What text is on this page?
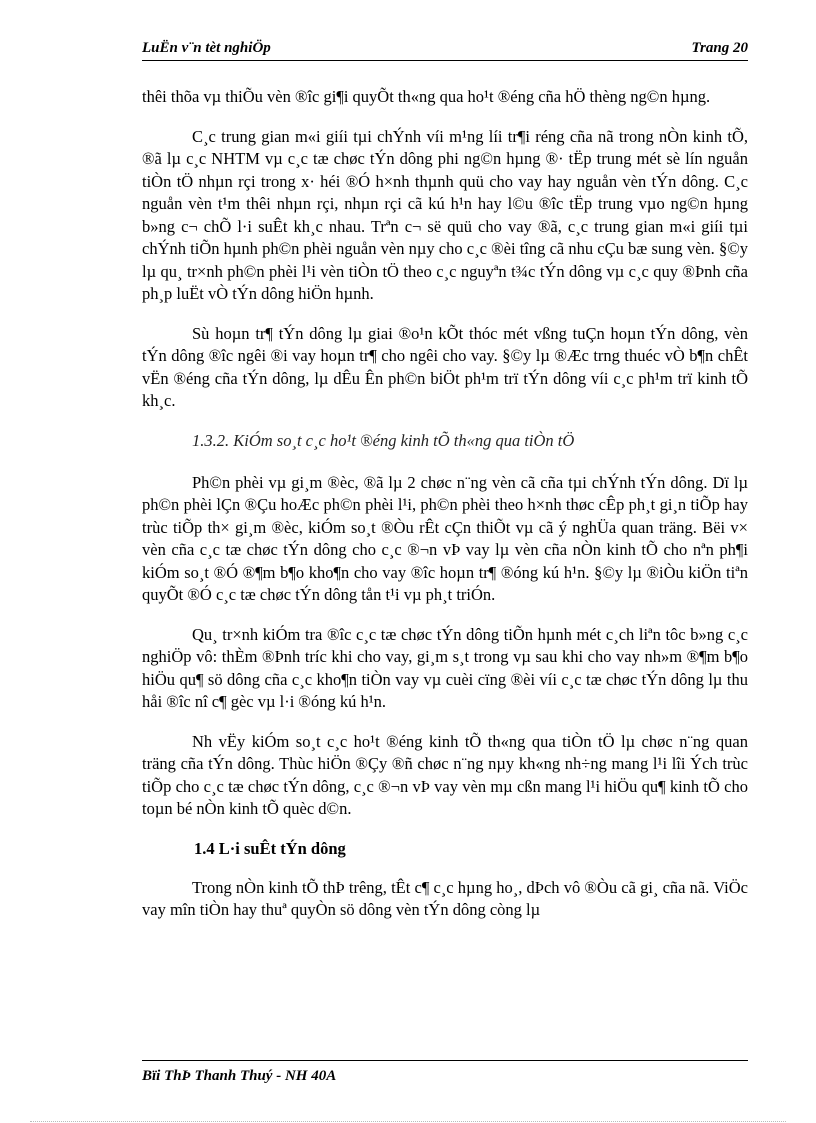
LuËn v¨n tèt nghiÖp	Trang 20

thêi thõa vµ thiÕu vèn ®îc gi¶i quyÕt th«ng qua ho¹t ®éng cña hÖ thèng ng©n hµng.

C¸c trung gian m«i giíi tµi chÝnh víi m¹ng líi tr¶i réng cña nã trong nÒn kinh tÕ, ®ã lµ c¸c NHTM vµ c¸c tæ chøc tÝn dông phi ng©n hµng ®· tËp trung mét sè lín nguån tiÒn tÖ nhµn rçi trong x· héi ®Ó h×nh thµnh quü cho vay hay nguån vèn tÝn dông. C¸c nguån vèn t¹m thêi nhµn rçi, nhµn rçi cã kú h¹n hay l©u ®îc tËp trung vµo ng©n hµng b»ng c¬ chÕ l·i suÊt kh¸c nhau. Trªn c¬ së quü cho vay ®ã, c¸c trung gian m«i giíi tµi chÝnh tiÕn hµnh ph©n phèi nguån vèn nµy cho c¸c ®èi tîng cã nhu cÇu bæ sung vèn. §©y lµ qu¸ tr×nh ph©n phèi l¹i vèn tiÒn tÖ theo c¸c nguyªn t¾c tÝn dông vµ c¸c quy ®Þnh cña ph¸p luËt vÒ tÝn dông hiÖn hµnh.

Sù hoµn tr¶ tÝn dông lµ giai ®o¹n kÕt thóc mét vßng tuÇn hoµn tÝn dông, vèn tÝn dông ®îc ngêi ®i vay hoµn tr¶ cho ngêi cho vay. §©y lµ ®Æc trng thuéc vÒ b¶n chÊt vËn ®éng cña tÝn dông, lµ dÊu Ên ph©n biÖt ph¹m trï tÝn dông víi c¸c ph¹m trï kinh tÕ kh¸c.

1.3.2. KiÓm so¸t c¸c ho¹t ®éng kinh tÕ th«ng qua tiÒn tÖ

Ph©n phèi vµ gi¸m ®èc, ®ã lµ 2 chøc n¨ng vèn cã cña tµi chÝnh tÝn dông. Dï lµ ph©n phèi lÇn ®Çu hoÆc ph©n phèi l¹i, ph©n phèi theo h×nh thøc cÊp ph¸t gi¸n tiÕp hay trùc tiÕp th× gi¸m ®èc, kiÓm so¸t ®Òu rÊt cÇn thiÕt vµ cã ý nghÜa quan träng. Bëi v× vèn cña c¸c tæ chøc tÝn dông cho c¸c ®¬n vÞ vay lµ vèn cña nÒn kinh tÕ cho nªn ph¶i kiÓm so¸t ®Ó ®¶m b¶o kho¶n cho vay ®îc hoµn tr¶ ®óng kú h¹n. §©y lµ ®iÒu kiÖn tiªn quyÕt ®Ó c¸c tæ chøc tÝn dông tån t¹i vµ ph¸t triÓn.

Qu¸ tr×nh kiÓm tra ®îc c¸c tæ chøc tÝn dông tiÕn hµnh mét c¸ch liªn tôc b»ng c¸c nghiÖp vô: thÈm ®Þnh tríc khi cho vay, gi¸m s¸t trong vµ sau khi cho vay nh»m ®¶m b¶o hiÖu qu¶ sö dông cña c¸c kho¶n tiÒn vay vµ cuèi cïng ®èi víi c¸c tæ chøc tÝn dông lµ thu håi ®îc nî c¶ gèc vµ l·i ®óng kú h¹n.

Nh vËy kiÓm so¸t c¸c ho¹t ®éng kinh tÕ th«ng qua tiÒn tÖ lµ chøc n¨ng quan träng cña tÝn dông. Thùc hiÖn ®Çy ®ñ chøc n¨ng nµy kh«ng nh÷ng mang l¹i lîi Ých trùc tiÕp cho c¸c tæ chøc tÝn dông, c¸c ®¬n vÞ vay vèn mµ cßn mang l¹i hiÖu qu¶ kinh tÕ cho toµn bé nÒn kinh tÕ quèc d©n.

1.4 L·i suÊt tÝn dông

Trong nÒn kinh tÕ thÞ trêng, tÊt c¶ c¸c hµng ho¸, dÞch vô ®Òu cã gi¸ cña nã. ViÖc vay mîn tiÒn hay thuª quyÒn sö dông vèn tÝn dông còng lµ

Bïi ThÞ Thanh Thuý - NH 40A
